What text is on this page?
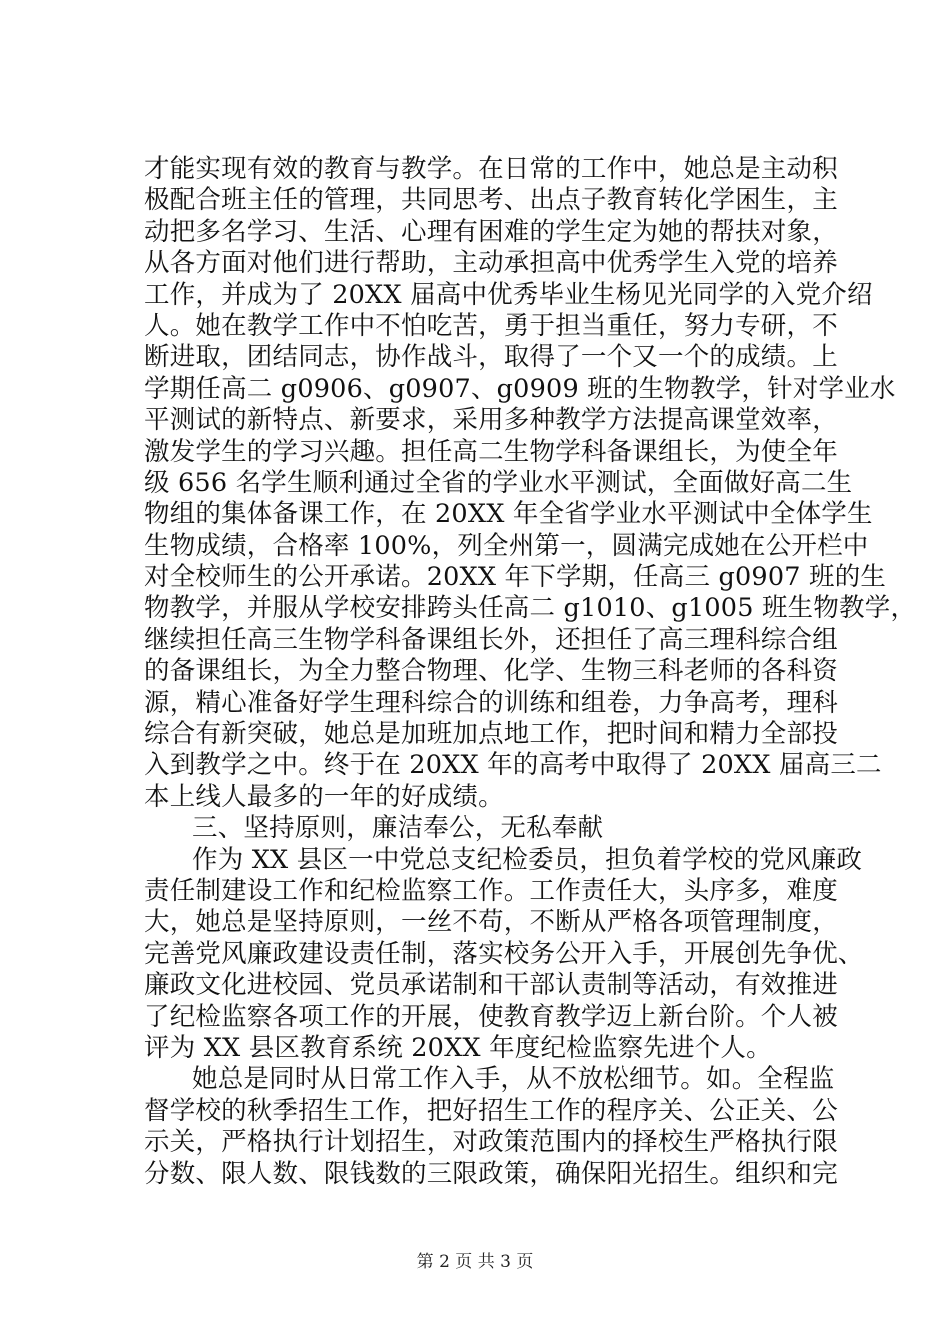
才能实现有效的教育与教学。在日常的工作中，她总是主动积
极配合班主任的管理，共同思考、出点子教育转化学困生，主
动把多名学习、生活、心理有困难的学生定为她的帮扶对象，
从各方面对他们进行帮助，主动承担高中优秀学生入党的培养
工作，并成为了 20XX 届高中优秀毕业生杨见光同学的入党介绍
人。她在教学工作中不怕吃苦，勇于担当重任，努力专研，不
断进取，团结同志，协作战斗，取得了一个又一个的成绩。上
学期任高二 g0906、g0907、g0909 班的生物教学，针对学业水
平测试的新特点、新要求，采用多种教学方法提高课堂效率，
激发学生的学习兴趣。担任高二生物学科备课组长，为使全年
级 656 名学生顺利通过全省的学业水平测试，全面做好高二生
物组的集体备课工作，在 20XX 年全省学业水平测试中全体学生
生物成绩，合格率 100%，列全州第一，圆满完成她在公开栏中
对全校师生的公开承诺。20XX 年下学期，任高三 g0907 班的生
物教学，并服从学校安排跨头任高二 g1010、g1005 班生物教学，
继续担任高三生物学科备课组长外，还担任了高三理科综合组
的备课组长，为全力整合物理、化学、生物三科老师的各科资
源，精心准备好学生理科综合的训练和组卷，力争高考，理科
综合有新突破，她总是加班加点地工作，把时间和精力全部投
入到教学之中。终于在 20XX 年的高考中取得了 20XX 届高三二
本上线人最多的一年的好成绩。
三、坚持原则，廉洁奉公，无私奉献
作为 XX 县区一中党总支纪检委员，担负着学校的党风廉政
责任制建设工作和纪检监察工作。工作责任大，头序多，难度
大，她总是坚持原则，一丝不苟，不断从严格各项管理制度，
完善党风廉政建设责任制，落实校务公开入手，开展创先争优、
廉政文化进校园、党员承诺制和干部认责制等活动，有效推进
了纪检监察各项工作的开展，使教育教学迈上新台阶。个人被
评为 XX 县区教育系统 20XX 年度纪检监察先进个人。
她总是同时从日常工作入手，从不放松细节。如。全程监
督学校的秋季招生工作，把好招生工作的程序关、公正关、公
示关，严格执行计划招生，对政策范围内的择校生严格执行限
分数、限人数、限钱数的三限政策，确保阳光招生。组织和完
第 2 页 共 3 页
